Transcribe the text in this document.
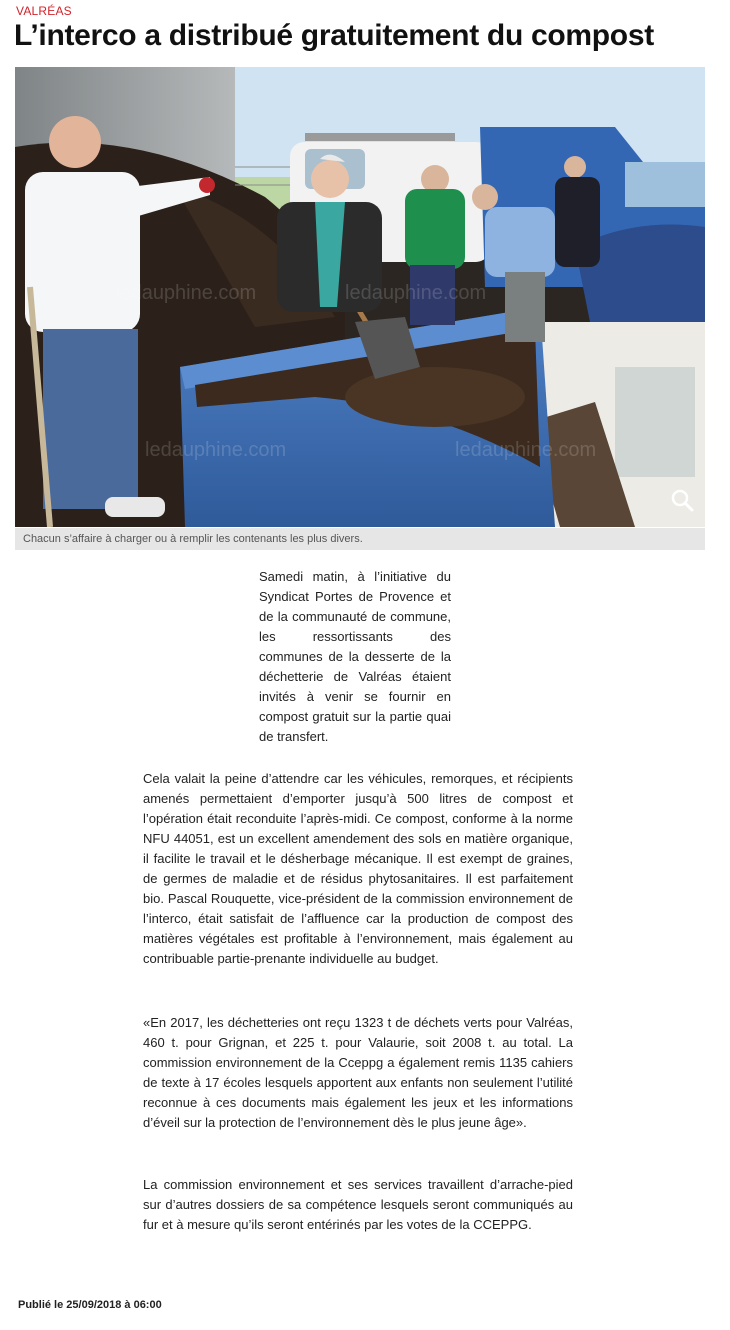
VALRÉAS
L’interco a distribué gratuitement du compost
ledauphine.com	ledauphine.com
ledauphine.com	ledauphine.com
Chacun s’affaire à charger ou à remplir les contenants les plus divers.

Samedi matin, à l’initiative du Syndicat Portes de Provence et de la communauté de commune, les ressortissants des communes de la desserte de la déchetterie de Valréas étaient invités à venir se fournir en compost gratuit sur la partie quai de transfert.

Cela valait la peine d’attendre car les véhicules, remorques, et récipients amenés permettaient d’emporter jusqu’à 500 litres de compost et l’opération était reconduite l’après-midi. Ce compost, conforme à la norme NFU 44051, est un excellent amendement des sols en matière organique, il facilite le travail et le désherbage mécanique. Il est exempt de graines, de germes de maladie et de résidus phytosanitaires. Il est parfaitement bio. Pascal Rouquette, vice-président de la commission environnement de l’interco, était satisfait de l’affluence car la production de compost des matières végétales est profitable à l’environnement, mais également au contribuable partie-prenante individuelle au budget.

«En 2017, les déchetteries ont reçu 1323 t de déchets verts pour Valréas, 460 t. pour Grignan, et 225 t. pour Valaurie, soit 2008 t. au total. La commission environnement de la Cceppg a également remis 1135 cahiers de texte à 17 écoles lesquels apportent aux enfants non seulement l’utilité reconnue à ces documents mais également les jeux et les informations d’éveil sur la protection de l’environnement dès le plus jeune âge».

La commission environnement et ses services travaillent d’arrache-pied sur d’autres dossiers de sa compétence lesquels seront communiqués au fur et à mesure qu’ils seront entérinés par les votes de la CCEPPG.

Publié le 25/09/2018 à 06:00
